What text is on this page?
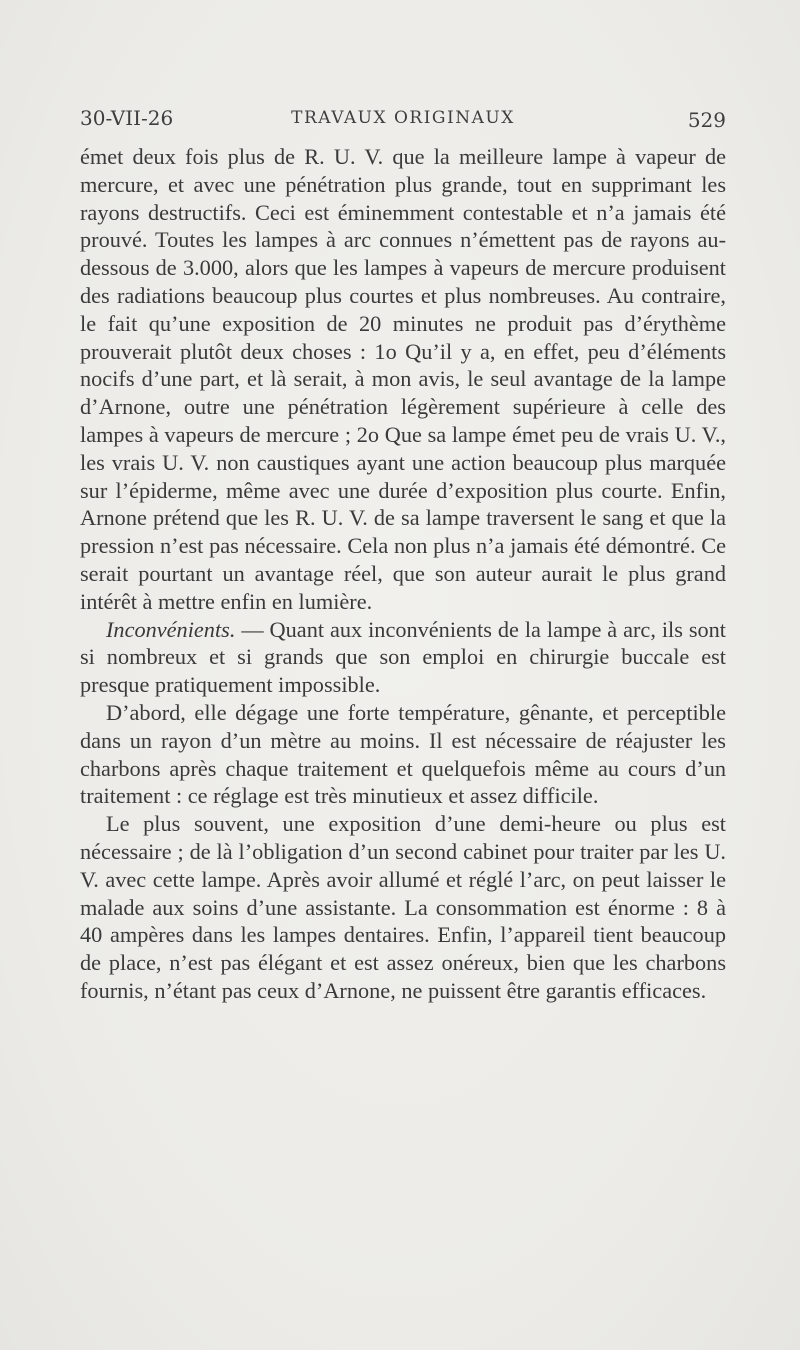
30-VII-26	TRAVAUX ORIGINAUX	529

émet deux fois plus de R. U. V. que la meilleure lampe à vapeur de mercure, et avec une pénétration plus grande, tout en supprimant les rayons destructifs. Ceci est éminemment contestable et n’a jamais été prouvé. Toutes les lampes à arc connues n’émettent pas de rayons au-dessous de 3.000, alors que les lampes à vapeurs de mercure produisent des radiations beaucoup plus courtes et plus nombreuses. Au contraire, le fait qu’une exposition de 20 minutes ne produit pas d’érythème prouverait plutôt deux choses : 1o Qu’il y a, en effet, peu d’éléments nocifs d’une part, et là serait, à mon avis, le seul avantage de la lampe d’Arnone, outre une pénétration légèrement supérieure à celle des lampes à vapeurs de mercure ; 2o Que sa lampe émet peu de vrais U. V., les vrais U. V. non caustiques ayant une action beaucoup plus marquée sur l’épiderme, même avec une durée d’exposition plus courte. Enfin, Arnone prétend que les R. U. V. de sa lampe traversent le sang et que la pression n’est pas nécessaire. Cela non plus n’a jamais été démontré. Ce serait pourtant un avantage réel, que son auteur aurait le plus grand intérêt à mettre enfin en lumière.

Inconvénients. — Quant aux inconvénients de la lampe à arc, ils sont si nombreux et si grands que son emploi en chirurgie buccale est presque pratiquement impossible.

D’abord, elle dégage une forte température, gênante, et perceptible dans un rayon d’un mètre au moins. Il est nécessaire de réajuster les charbons après chaque traitement et quelquefois même au cours d’un traitement : ce réglage est très minutieux et assez difficile.

Le plus souvent, une exposition d’une demi-heure ou plus est nécessaire ; de là l’obligation d’un second cabinet pour traiter par les U. V. avec cette lampe. Après avoir allumé et réglé l’arc, on peut laisser le malade aux soins d’une assistante. La consommation est énorme : 8 à 40 ampères dans les lampes dentaires. Enfin, l’appareil tient beaucoup de place, n’est pas élégant et est assez onéreux, bien que les charbons fournis, n’étant pas ceux d’Arnone, ne puissent être garantis efficaces.
